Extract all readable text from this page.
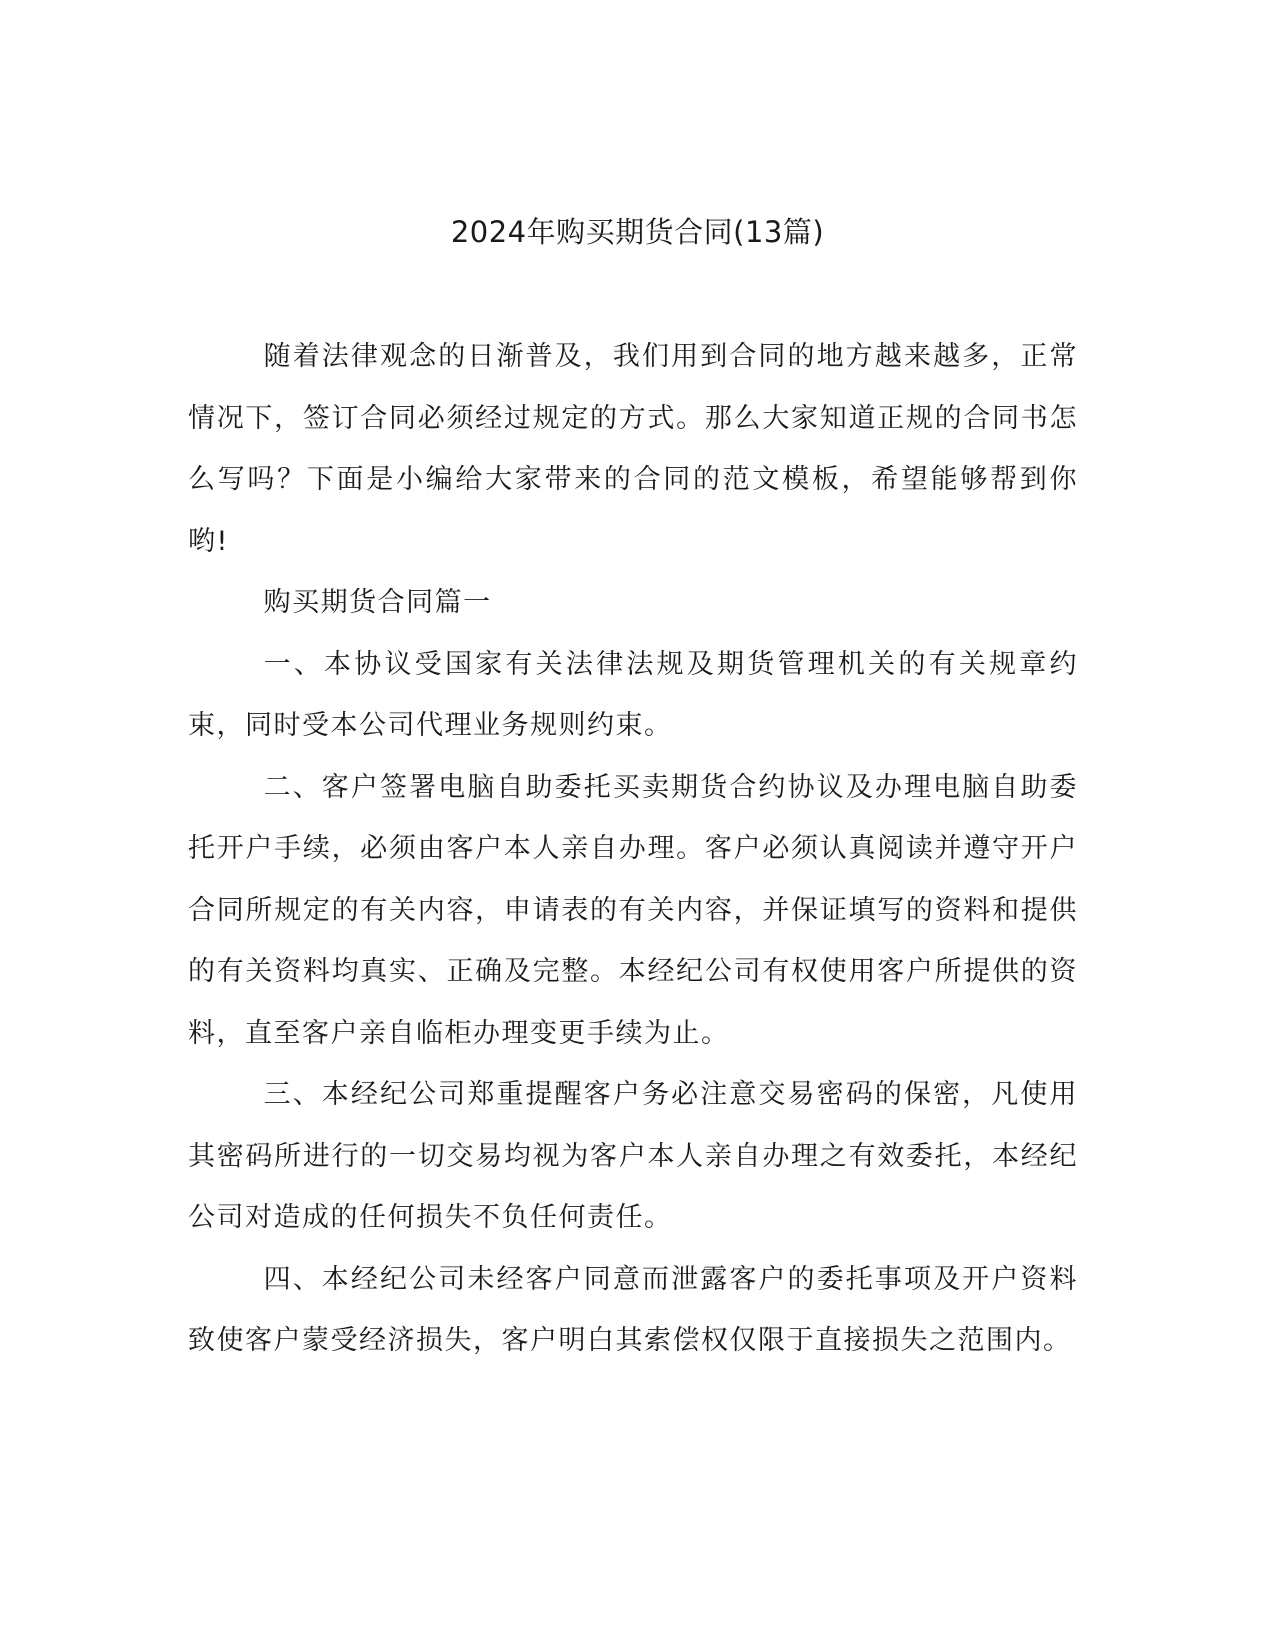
2024年购买期货合同(13篇)

随着法律观念的日渐普及，我们用到合同的地方越来越多，正常情况下，签订合同必须经过规定的方式。那么大家知道正规的合同书怎么写吗？下面是小编给大家带来的合同的范文模板，希望能够帮到你哟!

购买期货合同篇一

一、本协议受国家有关法律法规及期货管理机关的有关规章约束，同时受本公司代理业务规则约束。

二、客户签署电脑自助委托买卖期货合约协议及办理电脑自助委托开户手续，必须由客户本人亲自办理。客户必须认真阅读并遵守开户合同所规定的有关内容，申请表的有关内容，并保证填写的资料和提供的有关资料均真实、正确及完整。本经纪公司有权使用客户所提供的资料，直至客户亲自临柜办理变更手续为止。

三、本经纪公司郑重提醒客户务必注意交易密码的保密，凡使用其密码所进行的一切交易均视为客户本人亲自办理之有效委托，本经纪公司对造成的任何损失不负任何责任。

四、本经纪公司未经客户同意而泄露客户的委托事项及开户资料致使客户蒙受经济损失，客户明白其索偿权仅限于直接损失之范围内。
